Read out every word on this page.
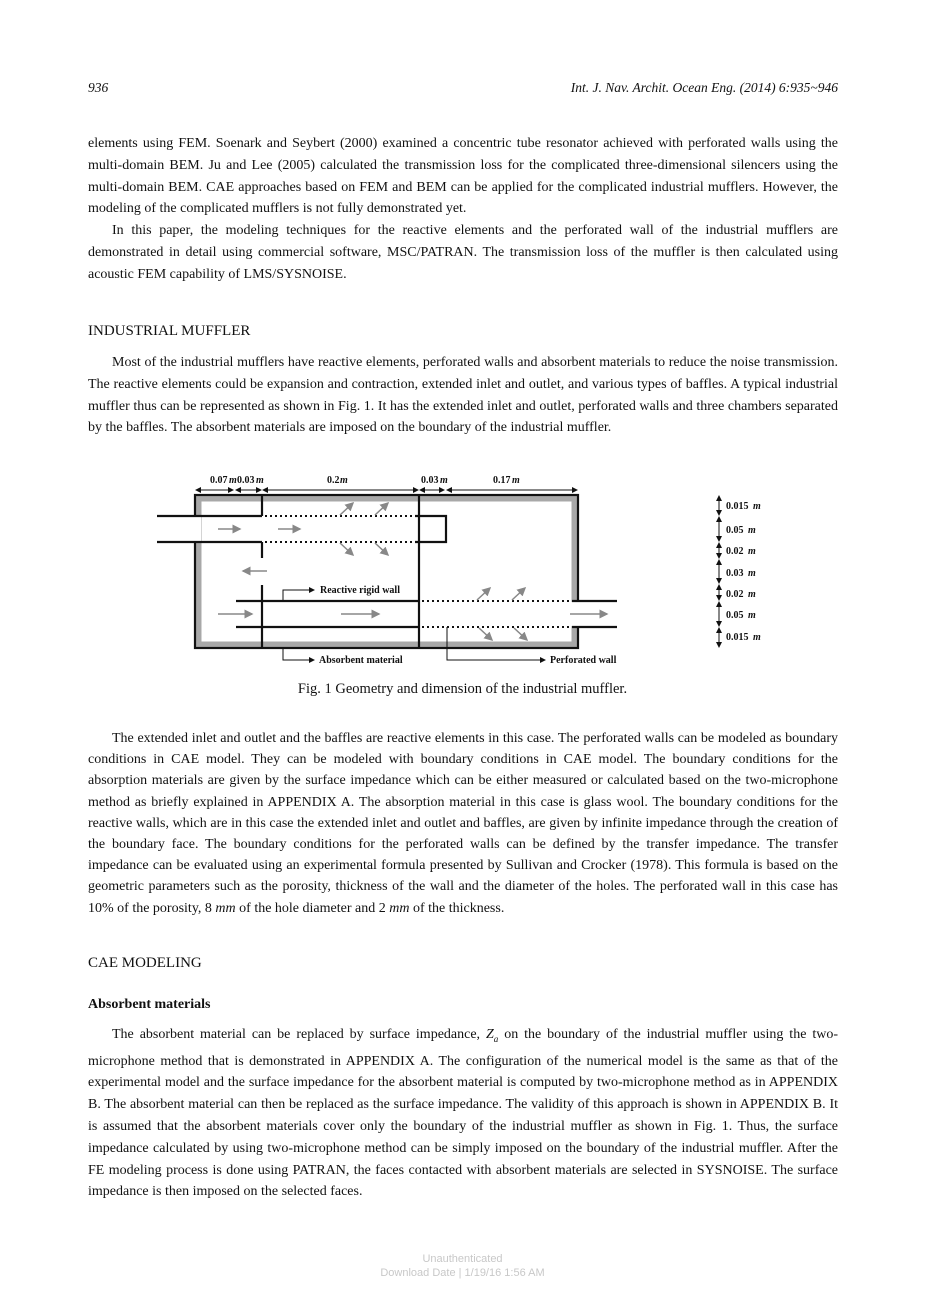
936	Int. J. Nav. Archit. Ocean Eng. (2014) 6:935~946

elements using FEM. Soenark and Seybert (2000) examined a concentric tube resonator achieved with perforated walls using the multi-domain BEM. Ju and Lee (2005) calculated the transmission loss for the complicated three-dimensional silencers using the multi-domain BEM. CAE approaches based on FEM and BEM can be applied for the complicated industrial mufflers. However, the modeling of the complicated mufflers is not fully demonstrated yet.

In this paper, the modeling techniques for the reactive elements and the perforated wall of the industrial mufflers are demonstrated in detail using commercial software, MSC/PATRAN. The transmission loss of the muffler is then calculated using acoustic FEM capability of LMS/SYSNOISE.

INDUSTRIAL MUFFLER

Most of the industrial mufflers have reactive elements, perforated walls and absorbent materials to reduce the noise transmission. The reactive elements could be expansion and contraction, extended inlet and outlet, and various types of baffles. A typical industrial muffler thus can be represented as shown in Fig. 1. It has the extended inlet and outlet, perforated walls and three chambers separated by the baffles. The absorbent materials are imposed on the boundary of the industrial muffler.

0.07 m 0.03 m	0.2 m	0.03 m	0.17 m
0.015 m
0.05 m
0.02 m
0.03 m
0.02 m
0.05 m
0.015 m
Reactive rigid wall
Absorbent material	Perforated wall
Fig. 1 Geometry and dimension of the industrial muffler.

The extended inlet and outlet and the baffles are reactive elements in this case. The perforated walls can be modeled as boundary conditions in CAE model. They can be modeled with boundary conditions in CAE model. The boundary conditions for the absorption materials are given by the surface impedance which can be either measured or calculated based on the two-microphone method as briefly explained in APPENDIX A. The absorption material in this case is glass wool. The boundary conditions for the reactive walls, which are in this case the extended inlet and outlet and baffles, are given by infinite impedance through the creation of the boundary face. The boundary conditions for the perforated walls can be defined by the transfer impedance. The transfer impedance can be evaluated using an experimental formula presented by Sullivan and Crocker (1978). This formula is based on the geometric parameters such as the porosity, thickness of the wall and the diameter of the holes. The perforated wall in this case has 10% of the porosity, 8 mm of the hole diameter and 2 mm of the thickness.

CAE MODELING
Absorbent materials

The absorbent material can be replaced by surface impedance, $Z_a$ on the boundary of the industrial muffler using the two-microphone method that is demonstrated in APPENDIX A. The configuration of the numerical model is the same as that of the experimental model and the surface impedance for the absorbent material is computed by two-microphone method as in APPENDIX B. The absorbent material can then be replaced as the surface impedance. The validity of this approach is shown in APPENDIX B. It is assumed that the absorbent materials cover only the boundary of the industrial muffler as shown in Fig. 1. Thus, the surface impedance calculated by using two-microphone method can be simply imposed on the boundary of the industrial muffler. After the FE modeling process is done using PATRAN, the faces contacted with absorbent materials are selected in SYSNOISE. The surface impedance is then imposed on the selected faces.

Unauthenticated
Download Date | 1/19/16 1:56 AM
